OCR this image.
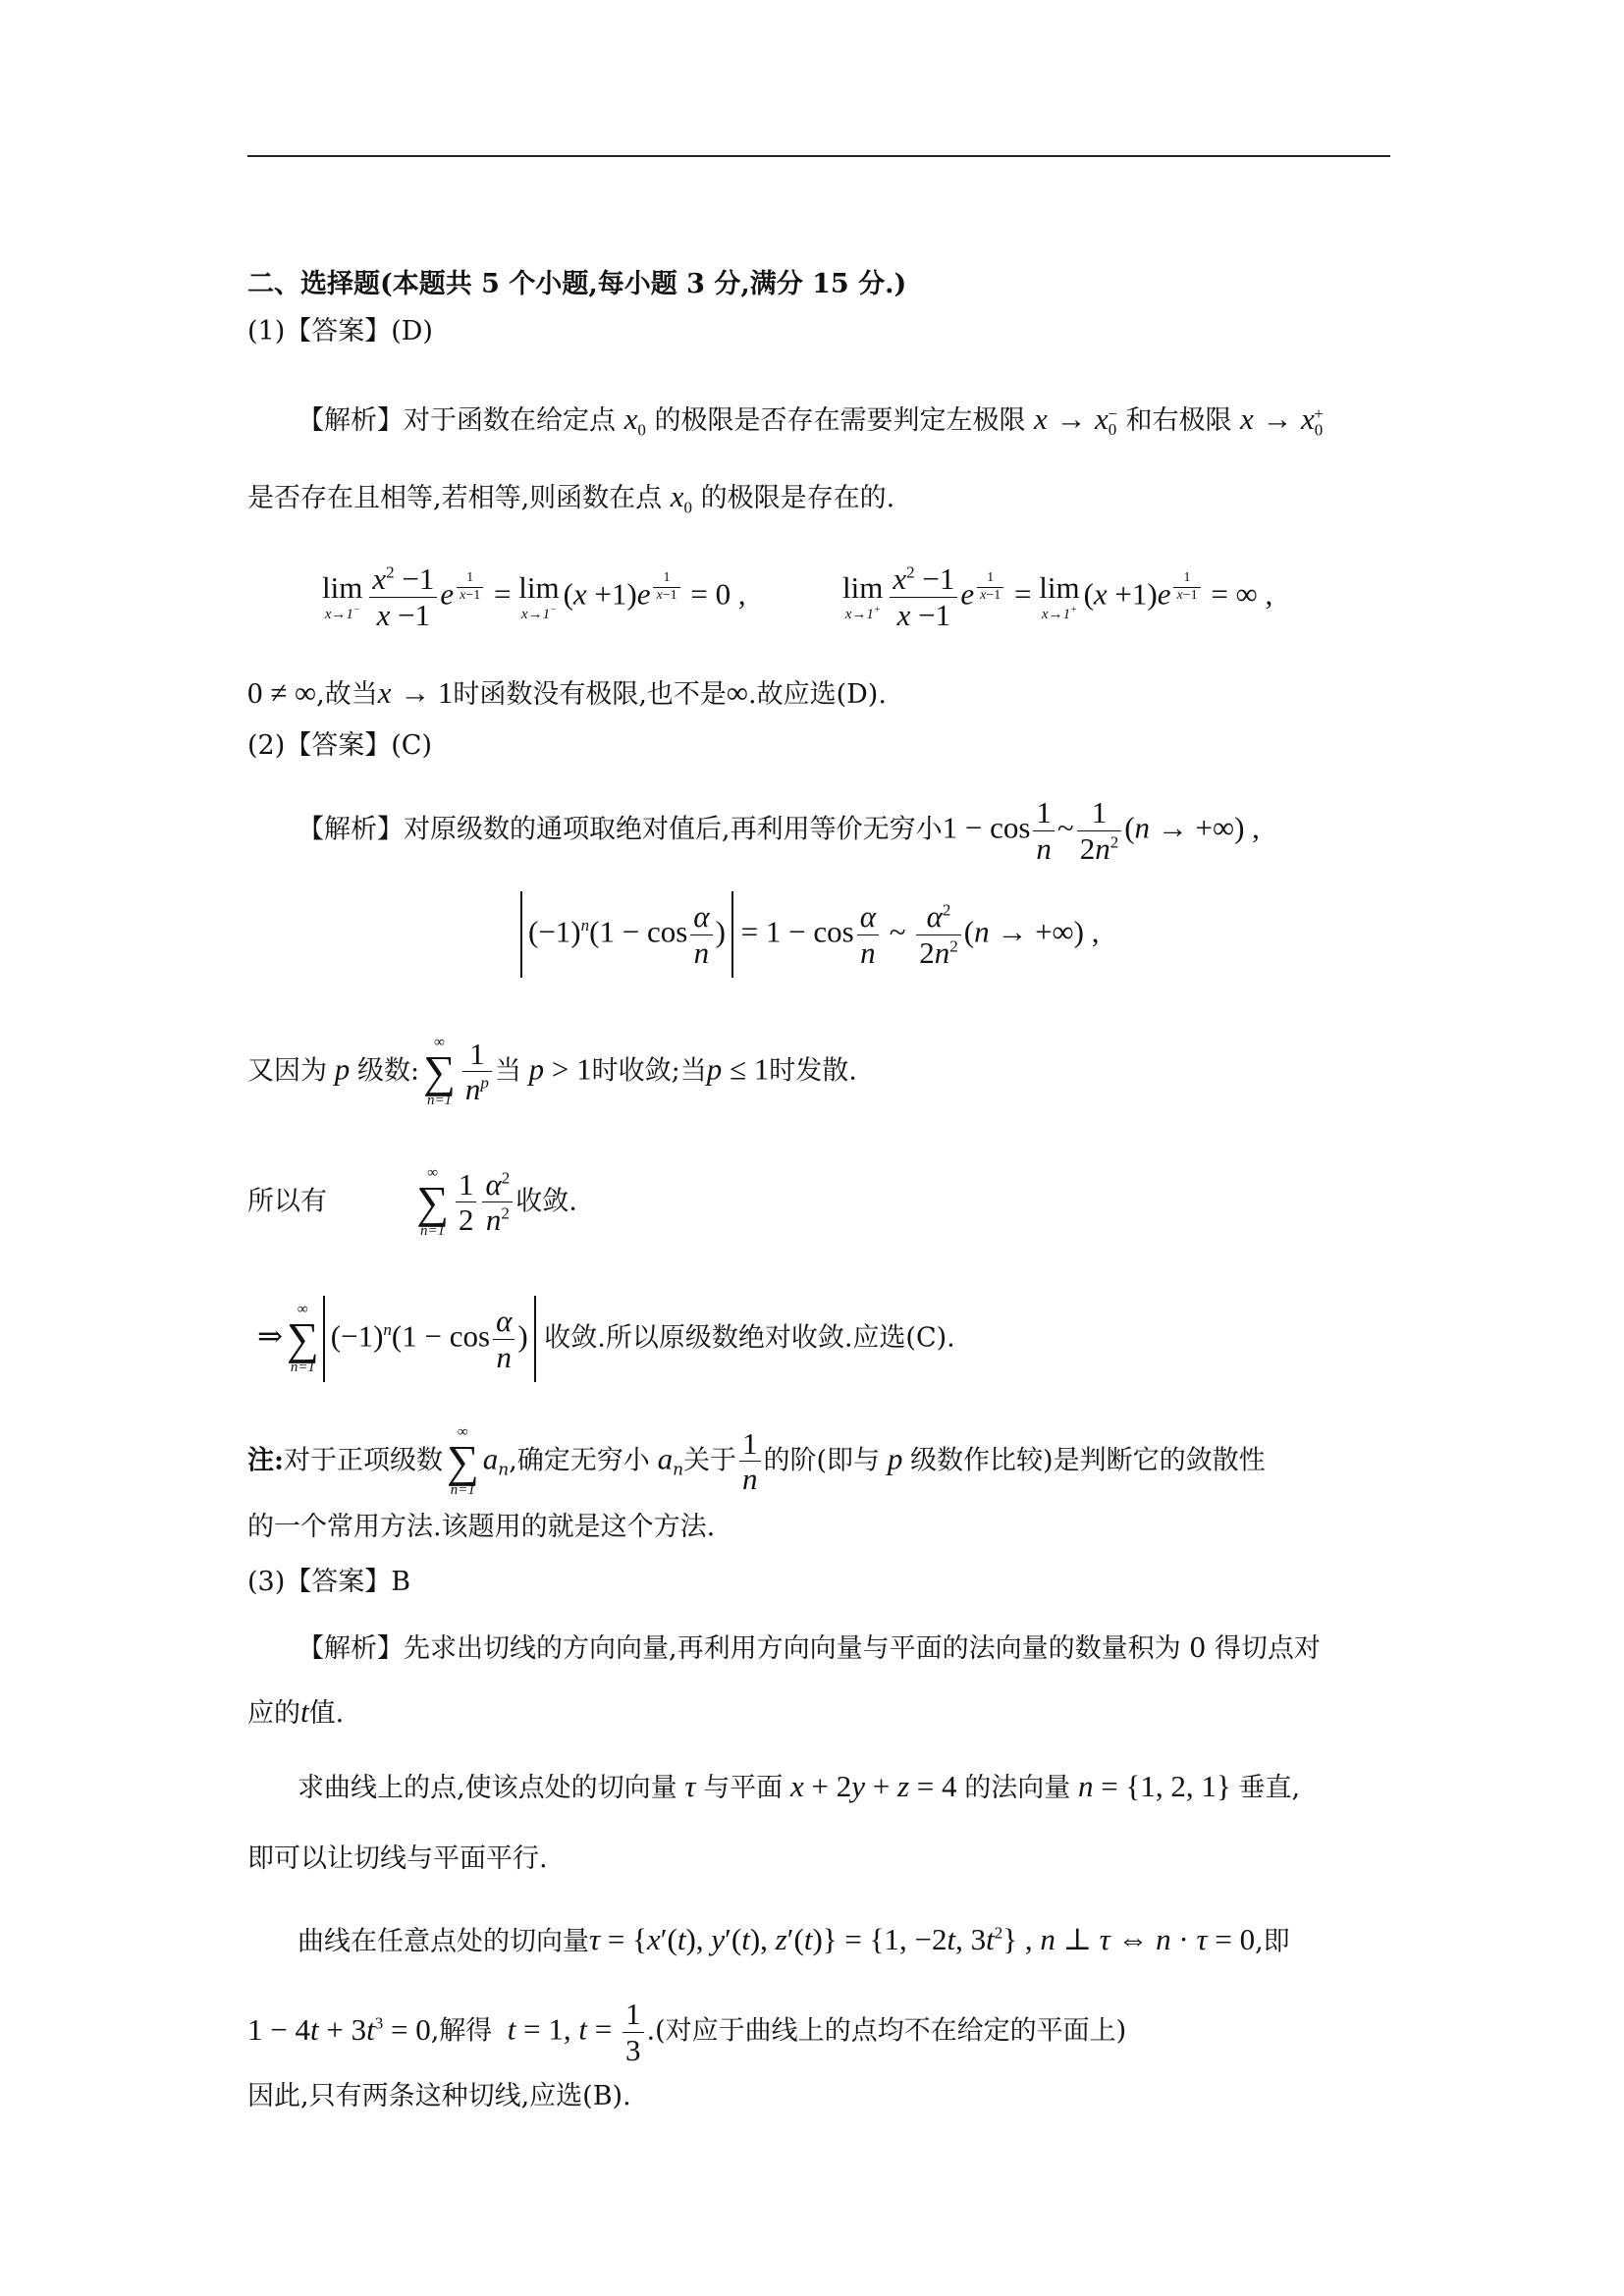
二、选择题(本题共 5 个小题,每小题 3 分,满分 15 分.)
(1)【答案】(D)
【解析】对于函数在给定点 $x_0$ 的极限是否存在需要判定左极限 $x \to x_0^-$ 和右极限 $x \to x_0^+$
是否存在且相等,若相等,则函数在点 $x_0$ 的极限是存在的.
lim
$x\to 1^- \frac{x^2 -1}{x -1}$ e $^{\frac{1}{x-1}}$ = lim
x→1− (x +1)e $^{\frac{1}{x-1}}$ = 0 ,	lim
$x\to 1^+ \frac{x^2 -1}{x -1}$ e $^{\frac{1}{x-1}}$ = lim
x→1+ (x +1)e $^{\frac{1}{x-1}}$ = ∞ ,
0 ≠ ∞,故当x → 1时函数没有极限,也不是∞.故应选(D).
(2)【答案】(C)
【解析】对原级数的通项取绝对值后,再利用等价无穷小$1 - \cos \frac{1}{n}$ ~ $\frac{1}{2n^2} (n$ → +∞) ,
$(-1)^n(1 - \cos \frac{\alpha}{n}$ ) = $1 - \cos \frac{\alpha}{n}$ ~ $\frac{\alpha^2}{2n^2} (n$ → +∞) ,
又因为 p 级数:
∞
∑
$n=1 \frac{1}{n^p}$ 当 p > 1时收敛;当p ≤ 1时发散.
所以有
∞
∑
$n=1 \frac{1}{2} \frac{\alpha^2}{n^2}$ 收敛.
⇒
∞
∑
n=1
$(-1)^n(1 - \cos \frac{\alpha}{n}$ ) 收敛.所以原级数绝对收敛.应选(C).
注:对于正项级数
∞
∑
n=1
$a_n$,确定无穷小 $a_n$关于 $\frac{1}{n}$ 的阶(即与 p 级数作比较)是判断它的敛散性
的一个常用方法.该题用的就是这个方法.
(3)【答案】B
【解析】先求出切线的方向向量,再利用方向向量与平面的法向量的数量积为 0 得切点对
应的t值.
求曲线上的点,使该点处的切向量 τ 与平面 x + 2y + z = 4 的法向量 n = {1, 2, 1} 垂直,
即可以让切线与平面平行.
曲线在任意点处的切向量τ = {x′(t), y′(t), z′(t)} = {1, −2t, $3t^2$} , n ⊥ τ ⇔ n · τ = 0,即
$1 - 4t + 3t^3 = 0$,解得 t = 1, $t = \frac{1}{3}$ .(对应于曲线上的点均不在给定的平面上)
因此,只有两条这种切线,应选(B).
